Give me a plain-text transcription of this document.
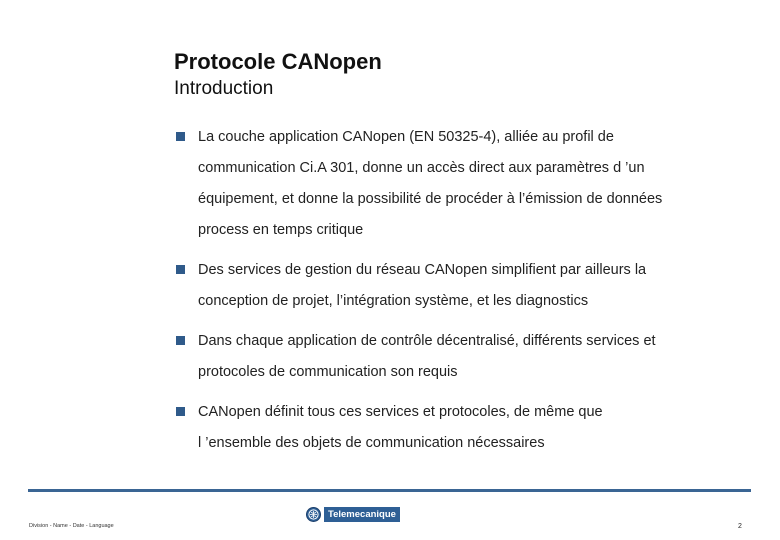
Protocole CANopen
Introduction
La couche application CANopen (EN 50325-4), alliée au profil de
communication Ci.A 301, donne un accès direct aux paramètres d ’un
équipement, et donne la possibilité de procéder à l’émission de données
process en temps critique
Des services de gestion du réseau CANopen simplifient par ailleurs la
conception de projet, l’intégration système, et les diagnostics
Dans chaque application de contrôle décentralisé, différents services et
protocoles de communication son requis
CANopen définit tous ces services et protocoles, de même que
l ’ensemble des objets de communication nécessaires
Division - Name - Date - Language
Telemecanique
2
